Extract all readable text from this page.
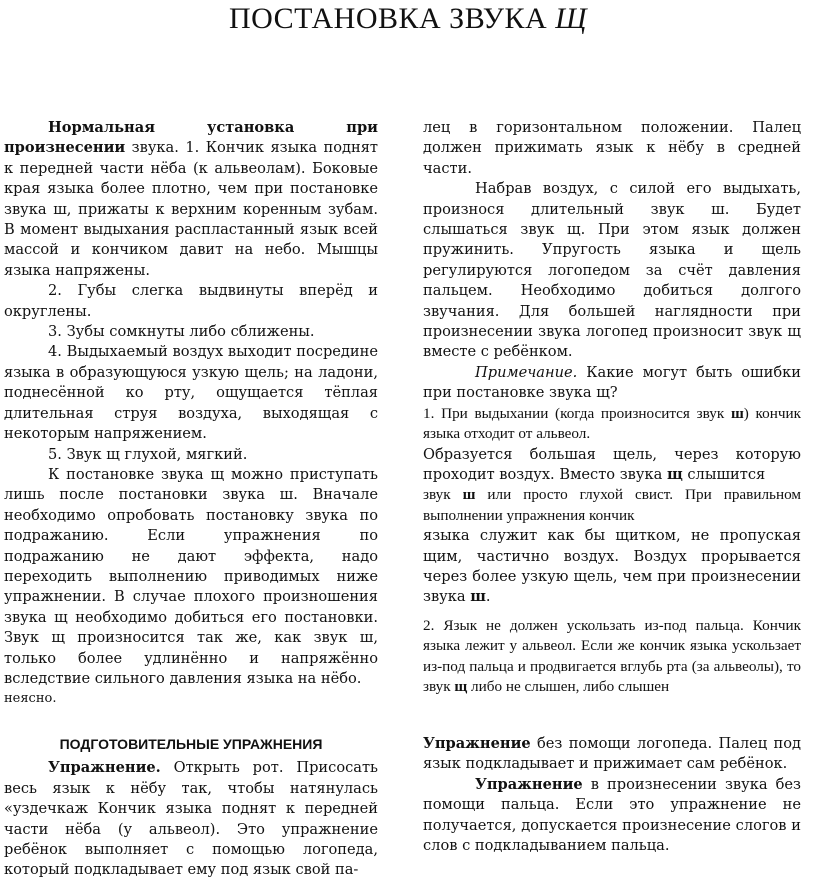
ПОСТАНОВКА ЗВУКА Щ

Нормальная установка при произнесении звука. 1. Кончик языка поднят к передней части нёба (к альвеолам). Боковые края языка более плотно, чем при постановке звука ш, прижаты к верхним коренным зубам. В момент выдыхания распластанный язык всей массой и кончиком давит на небо. Мышцы языка напряжены.

2. Губы слегка выдвинуты вперёд и округлены.

3. Зубы сомкнуты либо сближены.

4. Выдыхаемый воздух выходит посредине языка в образующуюся узкую щель; на ладони, поднесённой ко рту, ощущается тёплая длительная струя воздуха, выходящая с некоторым напряжением.

5. Звук щ глухой, мягкий.

К постановке звука щ можно приступать лишь после постановки звука ш. Вначале необходимо опробовать постановку звука по подражанию. Если упражнения по подражанию не дают эффекта, надо переходить выполнению приводимых ниже упражнении. В случае плохого произношения звука щ необходимо добиться его постановки. Звук щ произносится так же, как звук ш, только более удлинённо и напряжённо вследствие сильного давления языка на нёбо.

неясно.

лец в горизонтальном положении. Палец должен прижимать язык к нёбу в средней части.

Набрав воздух, с силой его выдыхать, произнося длительный звук ш. Будет слышаться звук щ. При этом язык должен пружинить. Упругость языка и щель регулируются логопедом за счёт давления пальцем. Необходимо добиться долгого звучания. Для большей наглядности при произнесении звука логопед произносит звук щ вместе с ребёнком.

Примечание. Какие могут быть ошибки при постановке звука щ?

1. При выдыхании (когда произносится звук ш) кончик языка отходит от альвеол.

Образуется большая щель, через которую проходит воздух. Вместо звука щ слышится

звук ш или просто глухой свист. При правильном выполнении упражнения кончик

языка служит как бы щитком, не пропуская щим, частично воздух. Воздух прорывается через более узкую щель, чем при произнесении звука ш.

2. Язык не должен ускользать из-под пальца. Кончик языка лежит у альвеол. Если же кончик языка ускользает из-под пальца и продвигается вглубь рта (за альвеолы), то звук щ либо не слышен, либо слышен

ПОДГОТОВИТЕЛЬНЫЕ УПРАЖНЕНИЯ

Упражнение. Открыть рот. Присосать весь язык к нёбу так, чтобы натянулась «уздечкаж Кончик языка поднят к передней части нёба (у альвеол). Это упражнение ребёнок выполняет с помощью логопеда, который подкладывает ему под язык свой па-

Упражнение без помощи логопеда. Палец под язык подкладывает и прижимает сам ребёнок.

Упражнение в произнесении звука без помощи пальца. Если это упражнение не получается, допускается произнесение слогов и слов с подкладыванием пальца.
